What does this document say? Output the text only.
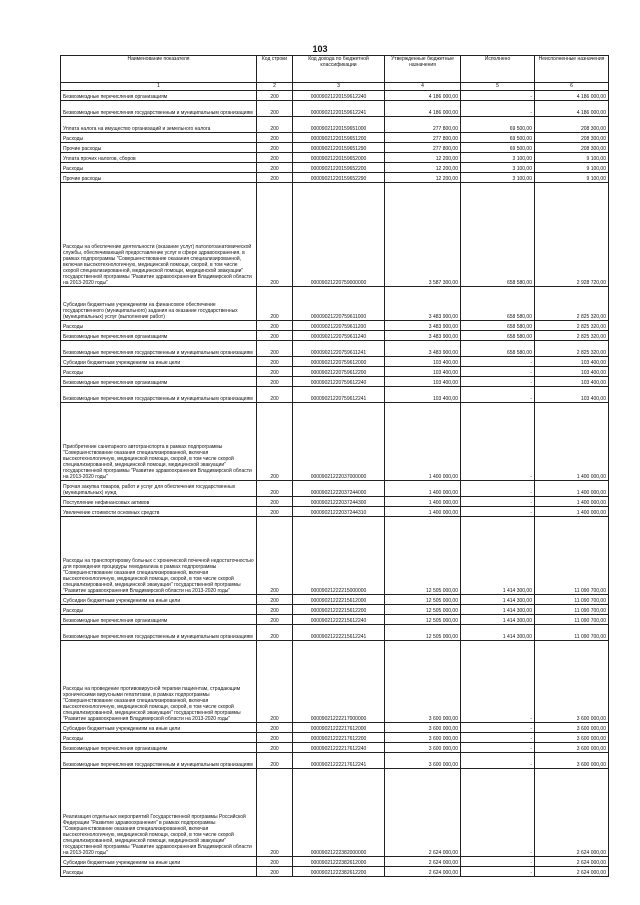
103
Наименование показателя	Код строки	Код дохода по бюджетной классификации	Утвержденные бюджетные назначения	Исполнено	Неисполненные назначения
1	2	3	4	5	6
Безвозмездные перечисления организациям	200	00009021220159612240	4 186 000,00	-	4 186 000,00
Безвозмездные перечисления государственным и муниципальным организациям	200	00009021220159612241	4 186 000,00	-	4 186 000,00
Уплата налога на имущество организаций и земельного налога	200	00009021220159651000	277 800,00	69 500,00	208 300,00
Расходы	200	00009021220159651200	277 800,00	69 500,00	208 300,00
Прочие расходы	200	00009021220159651290	277 800,00	69 500,00	208 300,00
Уплата прочих налогов, сборов	200	00009021220159652000	12 200,00	3 100,00	9 100,00
Расходы	200	00009021220159652200	12 200,00	3 100,00	9 100,00
Прочие расходы	200	00009021220159652290	12 200,00	3 100,00	9 100,00
Расходы на обеспечение деятельности (оказание услуг) патологоанатомической службы, обеспечивающей предоставление услуг в сфере здравоохранения, в рамках подпрограммы "Совершенствование оказания специализированной, включая высокотехнологичную, медицинской помощи, скорой, в том числе скорой специализированной, медицинской помощи, медицинской эвакуации" государственной программы "Развитие здравоохранения Владимирской области на 2013-2020 годы"	200	00009021220759000000	3 587 300,00	658 580,00	2 928 720,00
Субсидии бюджетным учреждениям на финансовое обеспечение государственного (муниципального) задания на оказание государственных (муниципальных) услуг (выполнение работ)	200	00009021220759611000	3 483 900,00	658 580,00	2 825 320,00
Расходы	200	00009021220759611200	3 483 900,00	658 580,00	2 825 320,00
Безвозмездные перечисления организациям	200	00009021220759611240	3 483 900,00	658 580,00	2 825 320,00
Безвозмездные перечисления государственным и муниципальным организациям	200	00009021220759611241	3 483 900,00	658 580,00	2 825 320,00
Субсидии бюджетным учреждениям на иные цели	200	00009021220759612000	103 400,00	-	103 400,00
Расходы	200	00009021220759612200	103 400,00	-	103 400,00
Безвозмездные перечисления организациям	200	00009021220759612240	103 400,00	-	103 400,00
Безвозмездные перечисления государственным и муниципальным организациям	200	00009021220759612241	103 400,00	-	103 400,00
Приобретение санитарного автотранспорта в рамках подпрограммы "Совершенствование оказания специализированной, включая высокотехнологичную, медицинской помощи, скорой, в том числе скорой специализированной, медицинской помощи, медицинской эвакуации" государственной программы "Развитие здравоохранения Владимирской области на 2013-2020 годы"	200	00009021222037000000	1 400 000,00	-	1 400 000,00
Прочая закупка товаров, работ и услуг для обеспечения государственных (муниципальных) нужд	200	00009021222037244000	1 400 000,00	-	1 400 000,00
Поступление нефинансовых активов	200	00009021222037244300	1 400 000,00	-	1 400 000,00
Увеличение стоимости основных средств	200	00009021222037244310	1 400 000,00	-	1 400 000,00
Расходы на транспортировку больных с хронической почечной недостаточностью для проведения процедуры гемодиализа в рамках подпрограммы "Совершенствование оказания специализированной, включая высокотехнологичную, медицинской помощи, скорой, в том числе скорой специализированной, медицинской эвакуации" государственной программы "Развитие здравоохранения Владимирской области на 2013-2020 годы"	200	00009021222215000000	12 505 000,00	1 414 300,00	11 090 700,00
Субсидии бюджетным учреждениям на иные цели	200	00009021222215612000	12 505 000,00	1 414 300,00	11 090 700,00
Расходы	200	00009021222215612200	12 505 000,00	1 414 300,00	11 090 700,00
Безвозмездные перечисления организациям	200	00009021222215612240	12 505 000,00	1 414 300,00	11 090 700,00
Безвозмездные перечисления государственным и муниципальным организациям	200	00009021222215612241	12 505 000,00	1 414 300,00	11 090 700,00
Расходы на проведение противовирусной терапии пациентам, страдающим хроническими вирусными гепатитами, в рамках подпрограммы "Совершенствование оказания специализированной, включая высокотехнологичную, медицинской помощи, скорой, в том числе скорой специализированной, медицинской эвакуации" государственной программы "Развитие здравоохранения Владимирской области на 2013-2020 годы"	200	00009021222217000000	3 600 000,00	-	3 600 000,00
Субсидии бюджетным учреждениям на иные цели	200	00009021222217612000	3 600 000,00	-	3 600 000,00
Расходы	200	00009021222217612200	3 600 000,00	-	3 600 000,00
Безвозмездные перечисления организациям	200	00009021222217612240	3 600 000,00	-	3 600 000,00
Безвозмездные перечисления государственным и муниципальным организациям	200	00009021222217612241	3 600 000,00	-	3 600 000,00
Реализация отдельных мероприятий Государственной программы Российской Федерации "Развитие здравоохранения" в рамках подпрограммы "Совершенствование оказания специализированной, включая высокотехнологичную, медицинской помощи, скорой, в том числе скорой специализированной, медицинской помощи, медицинской эвакуации" государственной программы "Развитие здравоохранения Владимирской области на 2013-2020 годы"	200	00009021222382000000	2 624 000,00	-	2 624 000,00
Субсидии бюджетным учреждениям на иные цели	200	00009021222382612000	2 624 000,00	-	2 624 000,00
Расходы	200	00009021222382612200	2 624 000,00	-	2 624 000,00
